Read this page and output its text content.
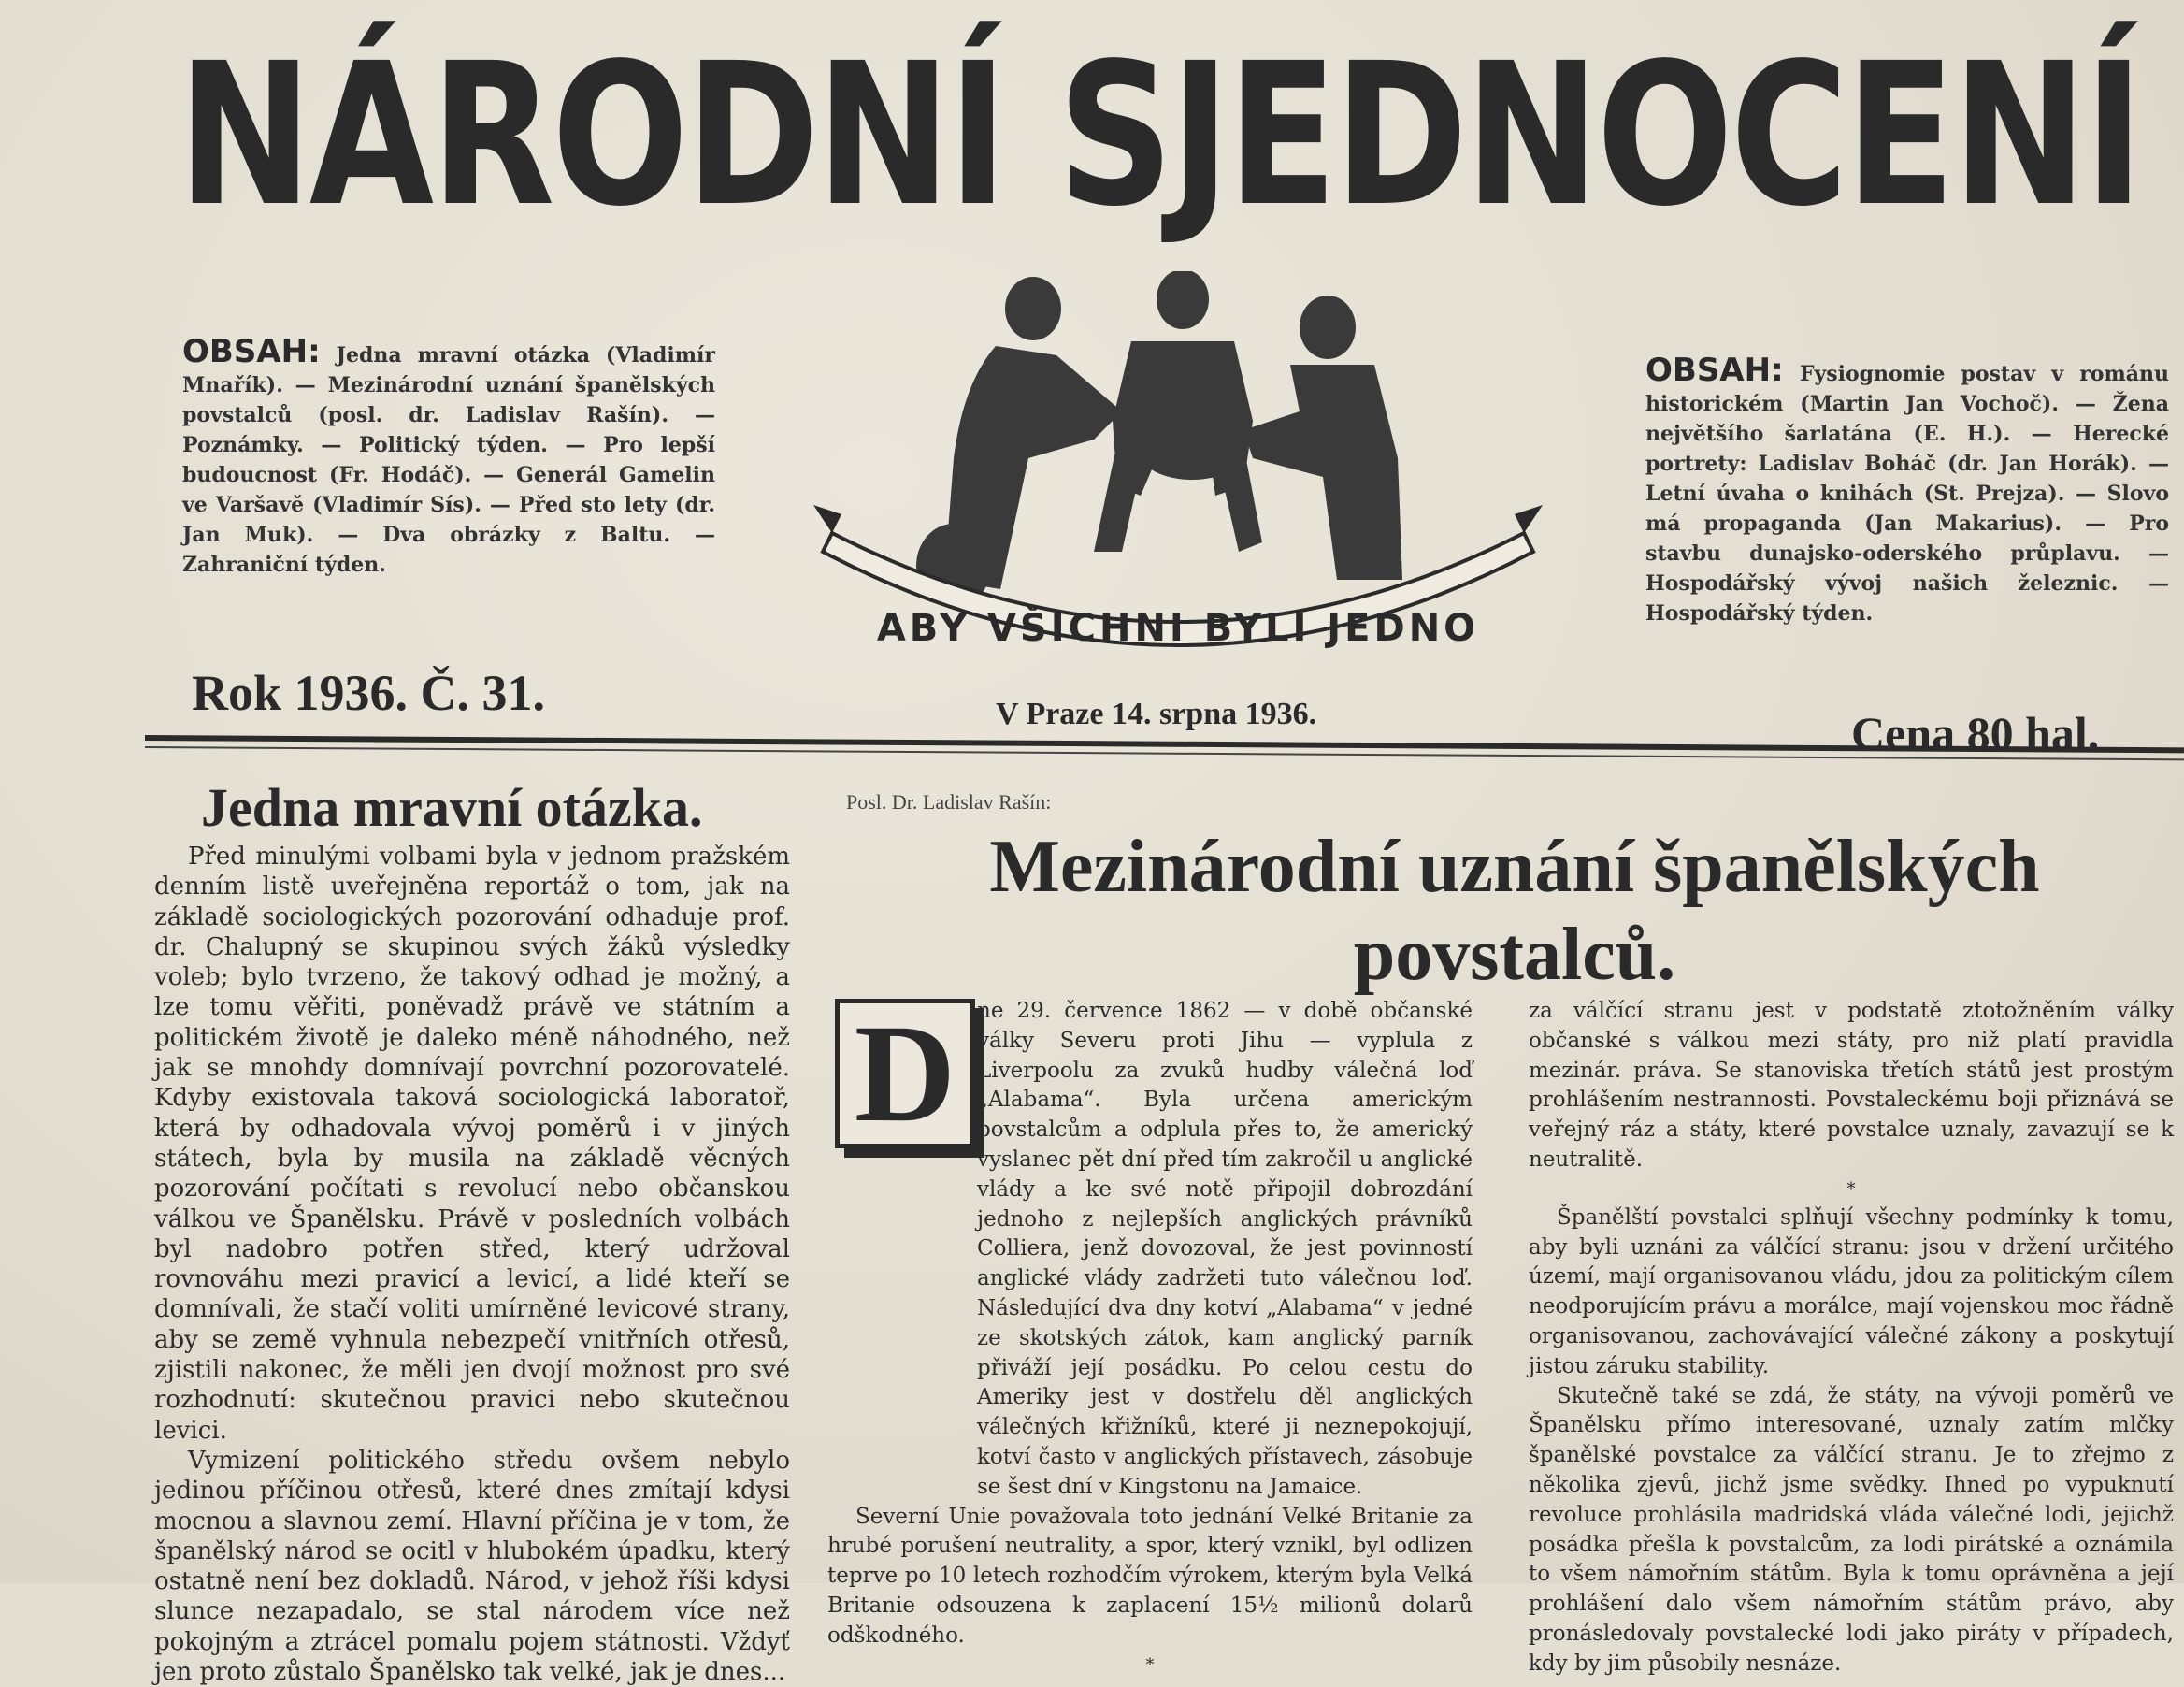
NÁRODNÍ SJEDNOCENÍ
OBSAH: Jedna mravní otázka (Vladimír Mnařík). — Mezinárodní uznání španělských povstalců (posl. dr. Ladislav Rašín). — Poznámky. — Politický týden. — Pro lepší budoucnost (Fr. Hodáč). — Generál Gamelin ve Varšavě (Vladimír Sís). — Před sto lety (dr. Jan Muk). — Dva obrázky z Baltu. — Zahraniční týden.
ABY VŠICHNI BYLI JEDNO
OBSAH: Fysiognomie postav v románu historickém (Martin Jan Vochoč). — Žena největšího šarlatána (E. H.). — Herecké portrety: Ladislav Boháč (dr. Jan Horák). — Letní úvaha o knihách (St. Prejza). — Slovo má propaganda (Jan Makarius). — Pro stavbu dunajsko-oderského průplavu. — Hospodářský vývoj našich železnic. — Hospodářský týden.
Rok 1936. Č. 31.	V Praze 14. srpna 1936.	Cena 80 hal.
Jedna mravní otázka.

Před minulými volbami byla v jednom pražském denním listě uveřejněna reportáž o tom, jak na základě sociologických pozorování odhaduje prof. dr. Chalupný se skupinou svých žáků výsledky voleb; bylo tvrzeno, že takový odhad je možný, a lze tomu věřiti, poněvadž právě ve státním a politickém životě je daleko méně náhodného, než jak se mnohdy domnívají povrchní pozorovatelé. Kdyby existovala taková sociologická laboratoř, která by odhadovala vývoj poměrů i v jiných státech, byla by musila na základě věcných pozorování počítati s revolucí nebo občanskou válkou ve Španělsku. Právě v posledních volbách byl nadobro potřen střed, který udržoval rovnováhu mezi pravicí a levicí, a lidé kteří se domnívali, že stačí voliti umírněné levicové strany, aby se země vyhnula nebezpečí vnitřních otřesů, zjistili nakonec, že měli jen dvojí možnost pro své rozhodnutí: skutečnou pravici nebo skutečnou levici.

Vymizení politického středu ovšem nebylo jedinou příčinou otřesů, které dnes zmítají kdysi mocnou a slavnou zemí. Hlavní příčina je v tom, že španělský národ se ocitl v hlubokém úpadku, který ostatně není bez dokladů. Národ, v jehož říši kdysi slunce nezapadalo, se stal národem více než pokojným a ztrácel pomalu pojem státnosti. Vždyť jen proto zůstalo Španělsko tak velké, jak je dnes...

Posl. Dr. Ladislav Rašín:
Mezinárodní uznání španělských povstalců.

ne 29. července 1862 — v době občanské války Severu proti Jihu — vyplula z Liverpoolu za zvuků hudby válečná loď „Alabama“. Byla určena americkým povstalcům a odplula přes to, že americký vyslanec pět dní před tím zakročil u anglické vlády a ke své notě připojil dobrozdání jednoho z nejlepších anglických právníků Colliera, jenž dovozoval, že jest povinností anglické vlády zadržeti tuto válečnou loď. Následující dva dny kotví „Alabama“ v jedné ze skotských zátok, kam anglický parník přiváží její posádku. Po celou cestu do Ameriky jest v dostřelu děl anglických válečných křižníků, které ji neznepokojují, kotví často v anglických přístavech, zásobuje se šest dní v Kingstonu na Jamaice.

Severní Unie považovala toto jednání Velké Britanie za hrubé porušení neutrality, a spor, který vznikl, byl odlizen teprve po 10 letech rozhodčím výrokem, kterým byla Velká Britanie odsouzena k zaplacení 15½ milionů dolarů odškodného.

*

D	za válčící stranu jest v podstatě ztotožněním války občanské s válkou mezi státy, pro niž platí pravidla mezinár. práva. Se stanoviska třetích států jest prostým prohlášením nestrannosti. Povstaleckému boji přiznává se veřejný ráz a státy, které povstalce uznaly, zavazují se k neutralitě.

*

Španělští povstalci splňují všechny podmínky k tomu, aby byli uznáni za válčící stranu: jsou v držení určitého území, mají organisovanou vládu, jdou za politickým cílem neodporujícím právu a morálce, mají vojenskou moc řádně organisovanou, zachovávající válečné zákony a poskytují jistou záruku stability.

Skutečně také se zdá, že státy, na vývoji poměrů ve Španělsku přímo interesované, uznaly zatím mlčky španělské povstalce za válčící stranu. Je to zřejmo z několika zjevů, jichž jsme svědky. Ihned po vypuknutí revoluce prohlásila madridská vláda válečné lodi, jejichž posádka přešla k povstalcům, za lodi pirátské a oznámila to všem námořním státům. Byla k tomu oprávněna a její prohlášení dalo všem námořním státům právo, aby pronásledovaly povstalecké lodi jako piráty v případech, kdy by jim působily nesnáze.
